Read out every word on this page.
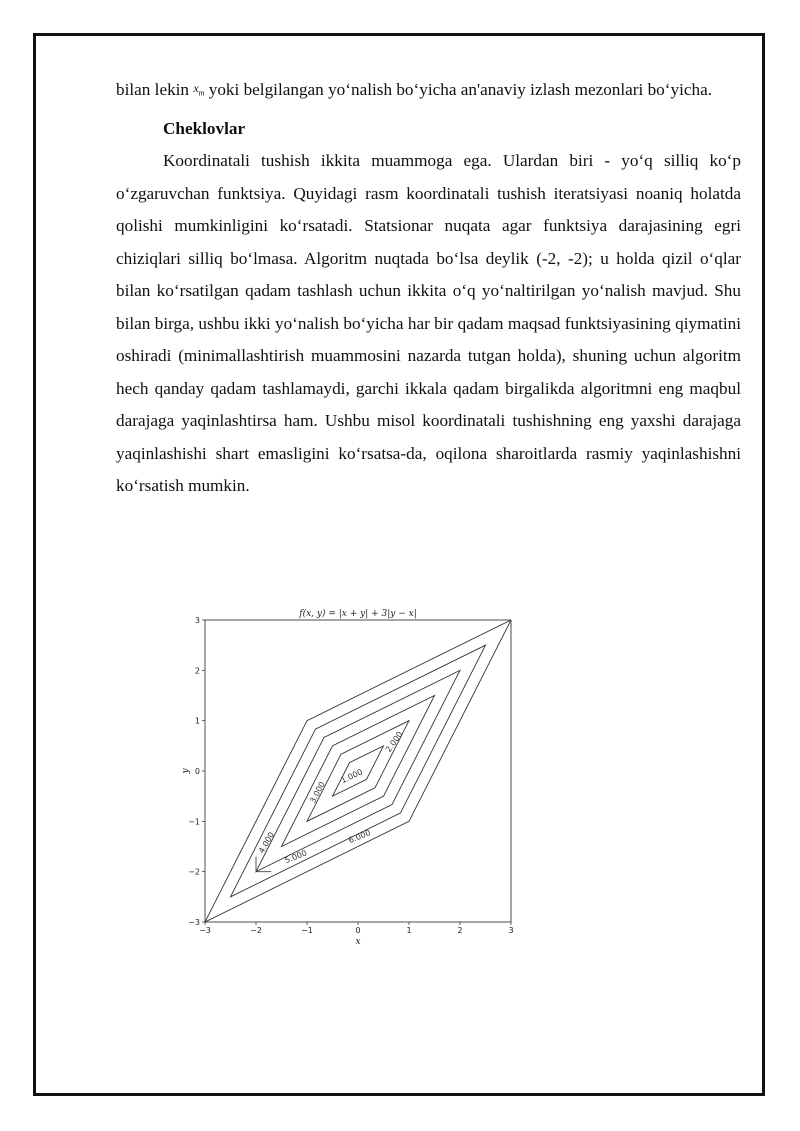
bilan lekin $x_m$ yoki belgilangan yoʻnalish boʻyicha an'anaviy izlash mezonlari boʻyicha.

Cheklovlar

Koordinatali tushish ikkita muammoga ega. Ulardan biri - yoʻq silliq koʻp oʻzgaruvchan funktsiya. Quyidagi rasm koordinatali tushish iteratsiyasi noaniq holatda qolishi mumkinligini koʻrsatadi. Statsionar nuqata agar funktsiya darajasining egri chiziqlari silliq boʻlmasa. Algoritm nuqtada boʻlsa deylik (-2, -2); u holda qizil oʻqlar bilan koʻrsatilgan qadam tashlash uchun ikkita oʻq yoʻnaltirilgan yoʻnalish mavjud. Shu bilan birga, ushbu ikki yoʻnalish boʻyicha har bir qadam maqsad funktsiyasining qiymatini oshiradi (minimallashtirish muammosini nazarda tutgan holda), shuning uchun algoritm hech qanday qadam tashlamaydi, garchi ikkala qadam birgalikda algoritmni eng maqbul darajaga yaqinlashtirsa ham. Ushbu misol koordinatali tushishning eng yaxshi darajaga yaqinlashishi shart emasligini koʻrsatsa-da, oqilona sharoitlarda rasmiy yaqinlashishni koʻrsatish mumkin.

1.000
2.000
3.000
4.000
5.000
6.000
−3
−3
−2
−2
−1
−1
0
0
1
1
2
2
3
3
x
y
f(x, y) = |x + y| + 3|y − x|
